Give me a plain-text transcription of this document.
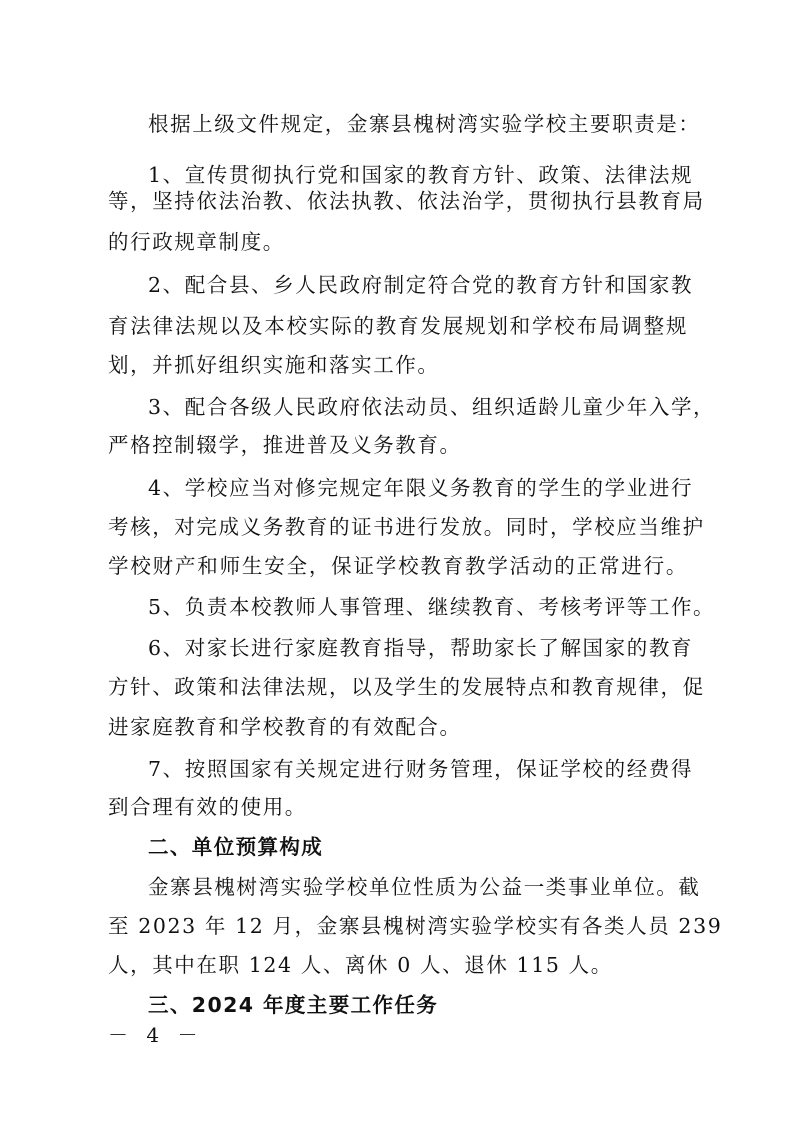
根据上级文件规定，金寨县槐树湾实验学校主要职责是：
1、宣传贯彻执行党和国家的教育方针、政策、法律法规
等，坚持依法治教、依法执教、依法治学，贯彻执行县教育局
的行政规章制度。
2、配合县、乡人民政府制定符合党的教育方针和国家教
育法律法规以及本校实际的教育发展规划和学校布局调整规
划，并抓好组织实施和落实工作。
3、配合各级人民政府依法动员、组织适龄儿童少年入学，
严格控制辍学，推进普及义务教育。
4、学校应当对修完规定年限义务教育的学生的学业进行
考核，对完成义务教育的证书进行发放。同时，学校应当维护
学校财产和师生安全，保证学校教育教学活动的正常进行。
5、负责本校教师人事管理、继续教育、考核考评等工作。
6、对家长进行家庭教育指导，帮助家长了解国家的教育
方针、政策和法律法规，以及学生的发展特点和教育规律，促
进家庭教育和学校教育的有效配合。
7、按照国家有关规定进行财务管理，保证学校的经费得
到合理有效的使用。
二、单位预算构成
金寨县槐树湾实验学校单位性质为公益一类事业单位。截
至 2023 年 12 月，金寨县槐树湾实验学校实有各类人员 239
人，其中在职 124 人、离休 0 人、退休 115 人。
三、2024 年度主要工作任务
－ 4 －
